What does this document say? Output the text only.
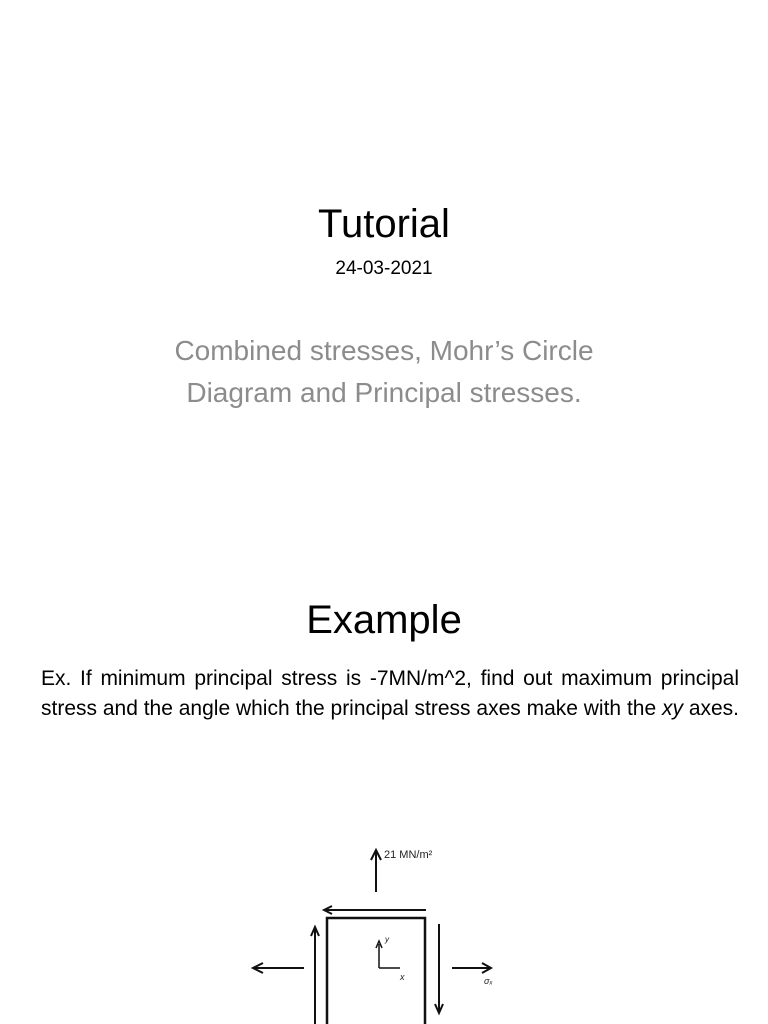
Tutorial
24-03-2021
Combined stresses, Mohr’s Circle
Diagram and Principal stresses.
Example
Ex. If minimum principal stress is -7MN/m^2, find out maximum principal stress and the angle which the principal stress axes make with the xy axes.
21 MN/m²
y
x	σₓ
